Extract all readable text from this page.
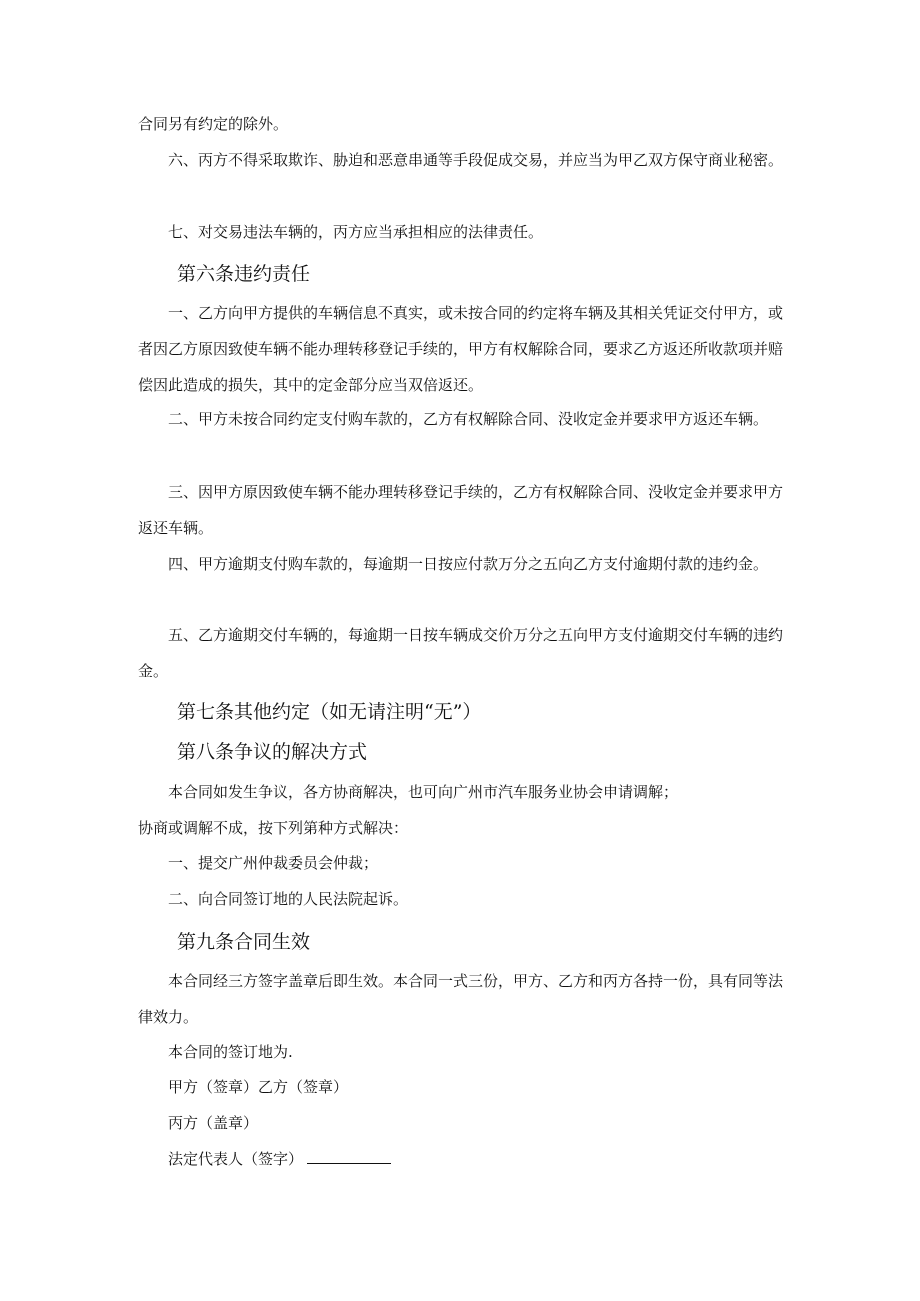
合同另有约定的除外。

六、丙方不得采取欺诈、胁迫和恶意串通等手段促成交易，并应当为甲乙双方保守商业秘密。

七、对交易违法车辆的，丙方应当承担相应的法律责任。

第六条违约责任

一、乙方向甲方提供的车辆信息不真实，或未按合同的约定将车辆及其相关凭证交付甲方，或者因乙方原因致使车辆不能办理转移登记手续的，甲方有权解除合同，要求乙方返还所收款项并赔偿因此造成的损失，其中的定金部分应当双倍返还。

二、甲方未按合同约定支付购车款的，乙方有权解除合同、没收定金并要求甲方返还车辆。

三、因甲方原因致使车辆不能办理转移登记手续的，乙方有权解除合同、没收定金并要求甲方返还车辆。

四、甲方逾期支付购车款的，每逾期一日按应付款万分之五向乙方支付逾期付款的违约金。

五、乙方逾期交付车辆的，每逾期一日按车辆成交价万分之五向甲方支付逾期交付车辆的违约金。

第七条其他约定（如无请注明“无”）
第八条争议的解决方式

本合同如发生争议，各方协商解决，也可向广州市汽车服务业协会申请调解；

协商或调解不成，按下列第种方式解决：

一、提交广州仲裁委员会仲裁；

二、向合同签订地的人民法院起诉。

第九条合同生效

本合同经三方签字盖章后即生效。本合同一式三份，甲方、乙方和丙方各持一份，具有同等法律效力。

本合同的签订地为.

甲方（签章）乙方（签章）

丙方（盖章）

法定代表人（签字）
